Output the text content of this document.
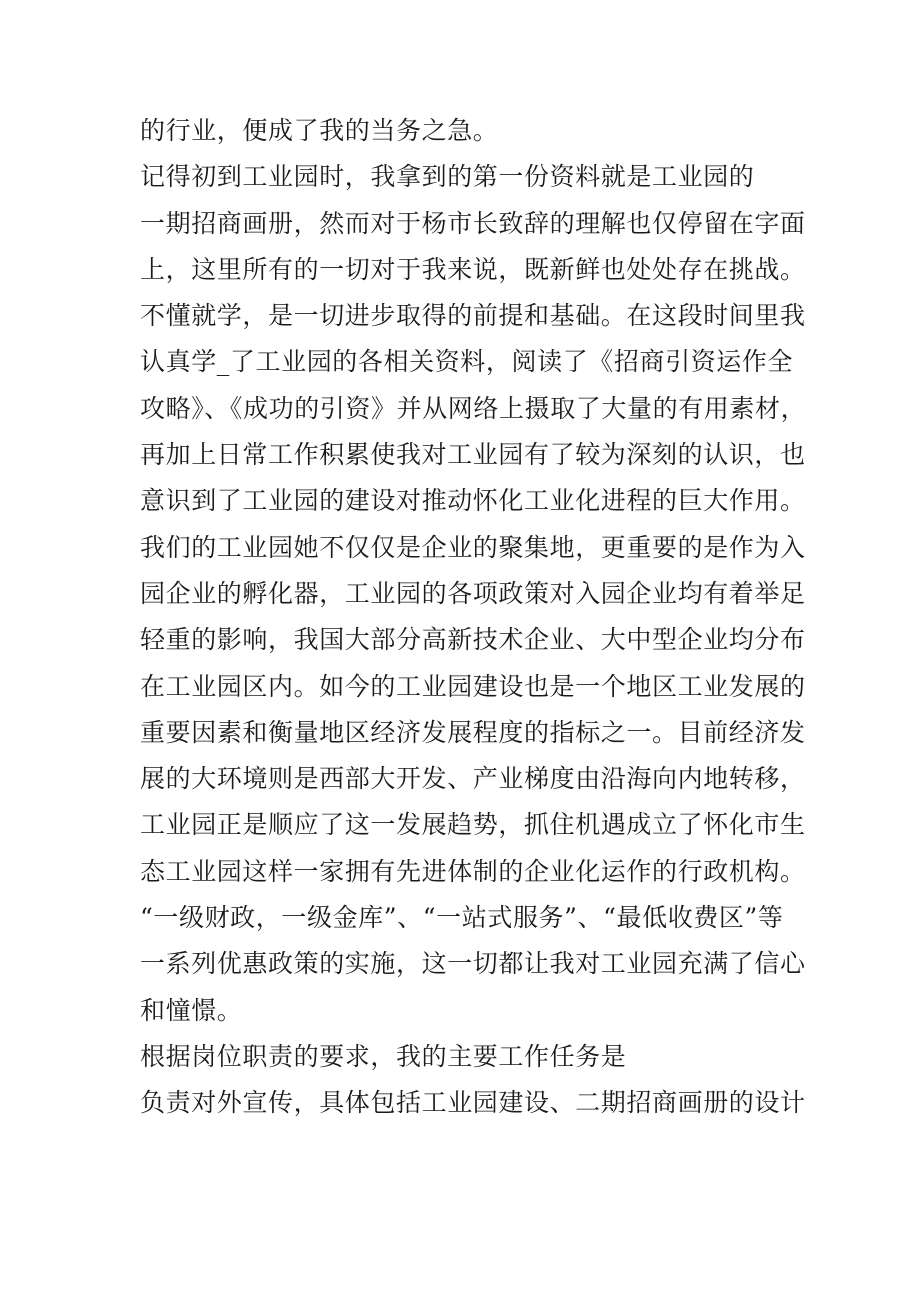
的行业，便成了我的当务之急。
记得初到工业园时，我拿到的第一份资料就是工业园的
一期招商画册，然而对于杨市长致辞的理解也仅停留在字面
上，这里所有的一切对于我来说，既新鲜也处处存在挑战。
不懂就学，是一切进步取得的前提和基础。在这段时间里我
认真学_了工业园的各相关资料，阅读了《招商引资运作全
攻略》、《成功的引资》并从网络上摄取了大量的有用素材，
再加上日常工作积累使我对工业园有了较为深刻的认识，也
意识到了工业园的建设对推动怀化工业化进程的巨大作用。
我们的工业园她不仅仅是企业的聚集地，更重要的是作为入
园企业的孵化器，工业园的各项政策对入园企业均有着举足
轻重的影响，我国大部分高新技术企业、大中型企业均分布
在工业园区内。如今的工业园建设也是一个地区工业发展的
重要因素和衡量地区经济发展程度的指标之一。目前经济发
展的大环境则是西部大开发、产业梯度由沿海向内地转移，
工业园正是顺应了这一发展趋势，抓住机遇成立了怀化市生
态工业园这样一家拥有先进体制的企业化运作的行政机构。
“一级财政，一级金库”、“一站式服务”、“最低收费区”等
一系列优惠政策的实施，这一切都让我对工业园充满了信心
和憧憬。
根据岗位职责的要求，我的主要工作任务是
负责对外宣传，具体包括工业园建设、二期招商画册的设计
